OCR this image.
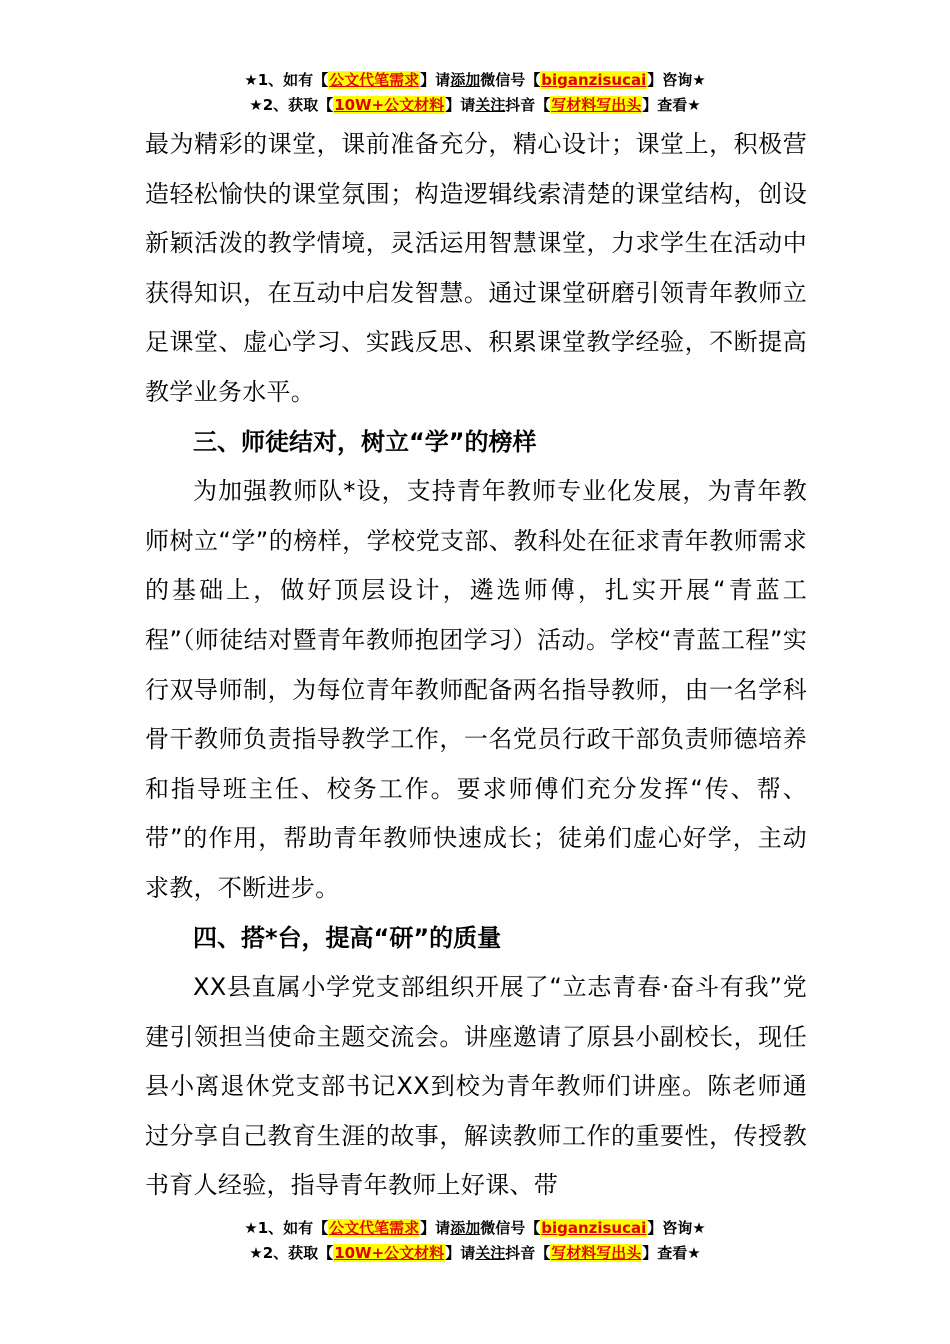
★1、如有【公文代笔需求】请添加微信号【biganzisucai】咨询★
★2、获取【10W+公文材料】请关注抖音【写材料写出头】查看★

最为精彩的课堂，课前准备充分，精心设计；课堂上，积极营造轻松愉快的课堂氛围；构造逻辑线索清楚的课堂结构，创设新颖活泼的教学情境，灵活运用智慧课堂，力求学生在活动中获得知识，在互动中启发智慧。通过课堂研磨引领青年教师立足课堂、虚心学习、实践反思、积累课堂教学经验，不断提高教学业务水平。

三、师徒结对，树立“学”的榜样

为加强教师队*设，支持青年教师专业化发展，为青年教师树立“学”的榜样，学校党支部、教科处在征求青年教师需求的基础上，做好顶层设计，遴选师傅，扎实开展“青蓝工程”（师徒结对暨青年教师抱团学习）活动。学校“青蓝工程”实行双导师制，为每位青年教师配备两名指导教师，由一名学科骨干教师负责指导教学工作，一名党员行政干部负责师德培养和指导班主任、校务工作。要求师傅们充分发挥“传、帮、带”的作用，帮助青年教师快速成长；徒弟们虚心好学，主动求教，不断进步。

四、搭*台，提高“研”的质量

XX县直属小学党支部组织开展了“立志青春·奋斗有我”党建引领担当使命主题交流会。讲座邀请了原县小副校长，现任县小离退休党支部书记XX到校为青年教师们讲座。陈老师通过分享自己教育生涯的故事，解读教师工作的重要性，传授教书育人经验，指导青年教师上好课、带

★1、如有【公文代笔需求】请添加微信号【biganzisucai】咨询★
★2、获取【10W+公文材料】请关注抖音【写材料写出头】查看★
